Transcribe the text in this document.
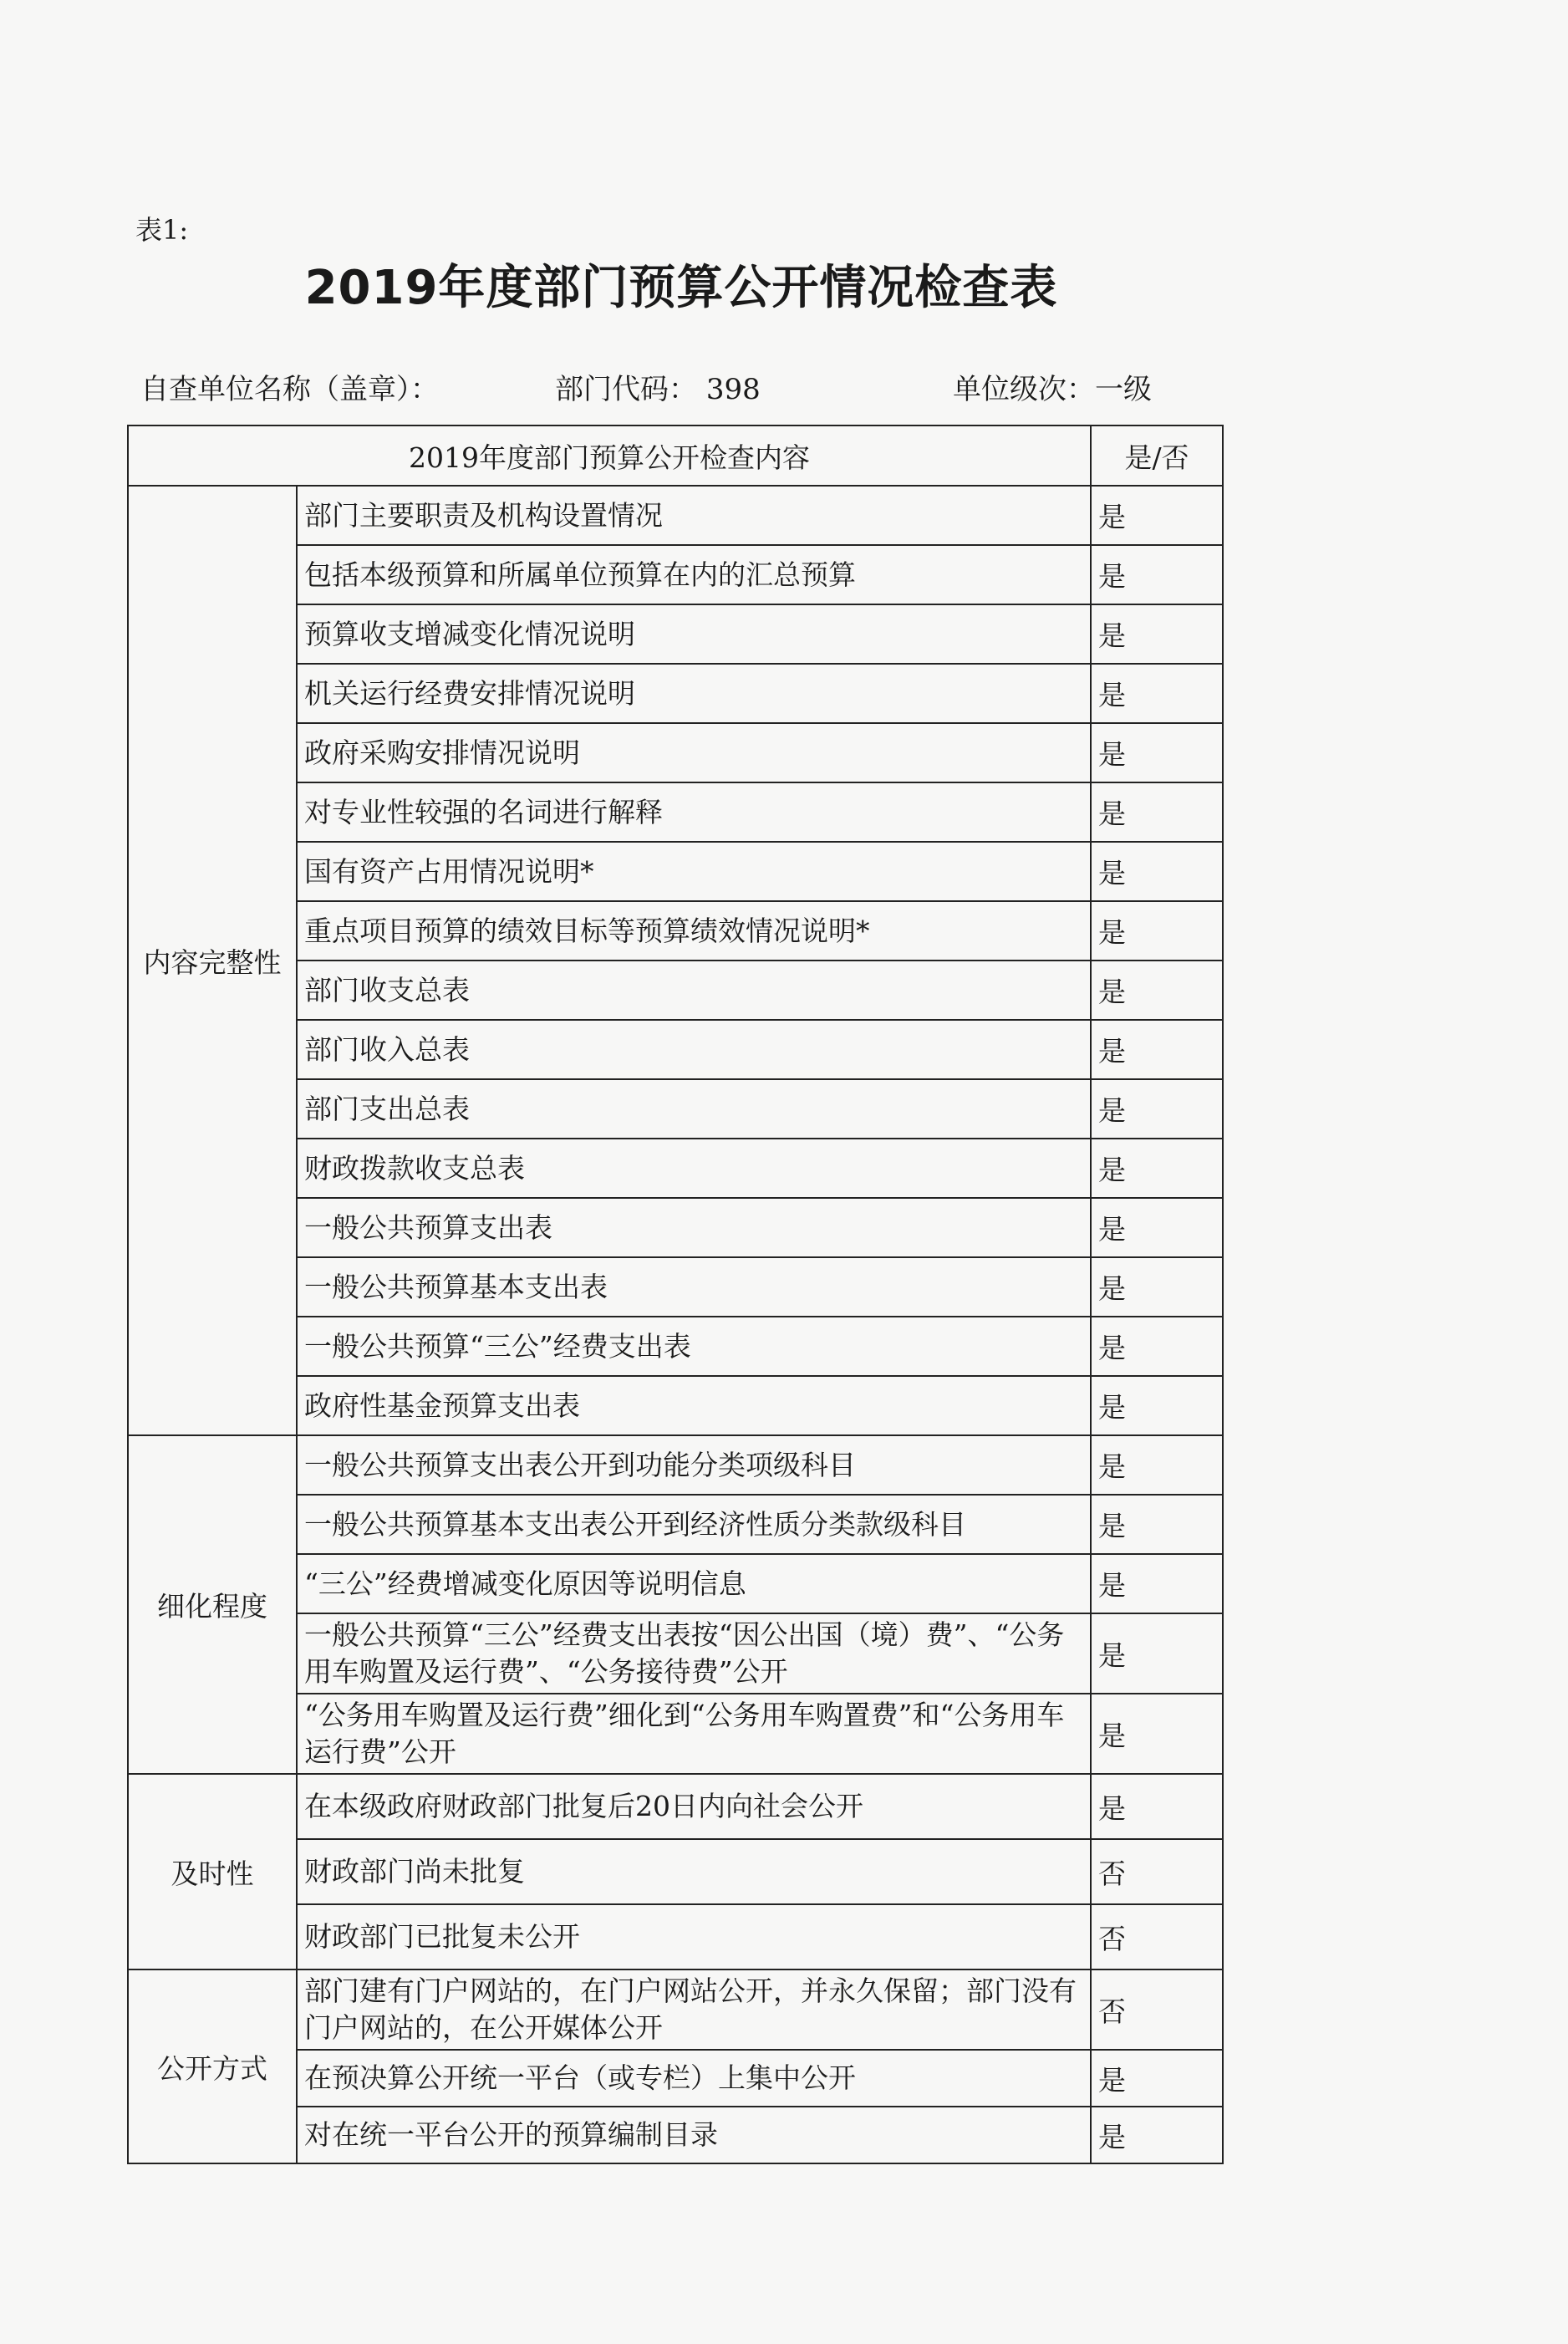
表1:
2019年度部门预算公开情况检查表
自查单位名称（盖章）：	部门代码： 398	单位级次：一级
2019年度部门预算公开检查内容		是/否
内容完整性	部门主要职责及机构设置情况	是
	包括本级预算和所属单位预算在内的汇总预算	是
	预算收支增减变化情况说明	是
	机关运行经费安排情况说明	是
	政府采购安排情况说明	是
	对专业性较强的名词进行解释	是
	国有资产占用情况说明*	是
	重点项目预算的绩效目标等预算绩效情况说明*	是
	部门收支总表	是
	部门收入总表	是
	部门支出总表	是
	财政拨款收支总表	是
	一般公共预算支出表	是
	一般公共预算基本支出表	是
	一般公共预算“三公”经费支出表	是
	政府性基金预算支出表	是
细化程度	一般公共预算支出表公开到功能分类项级科目	是
	一般公共预算基本支出表公开到经济性质分类款级科目	是
	“三公”经费增减变化原因等说明信息	是
	一般公共预算“三公”经费支出表按“因公出国（境）费”、“公务用车购置及运行费”、“公务接待费”公开	是
	“公务用车购置及运行费”细化到“公务用车购置费”和“公务用车运行费”公开	是
及时性	在本级政府财政部门批复后20日内向社会公开	是
	财政部门尚未批复	否
	财政部门已批复未公开	否
公开方式	部门建有门户网站的，在门户网站公开，并永久保留；部门没有门户网站的，在公开媒体公开	否
	在预决算公开统一平台（或专栏）上集中公开	是
	对在统一平台公开的预算编制目录	是
